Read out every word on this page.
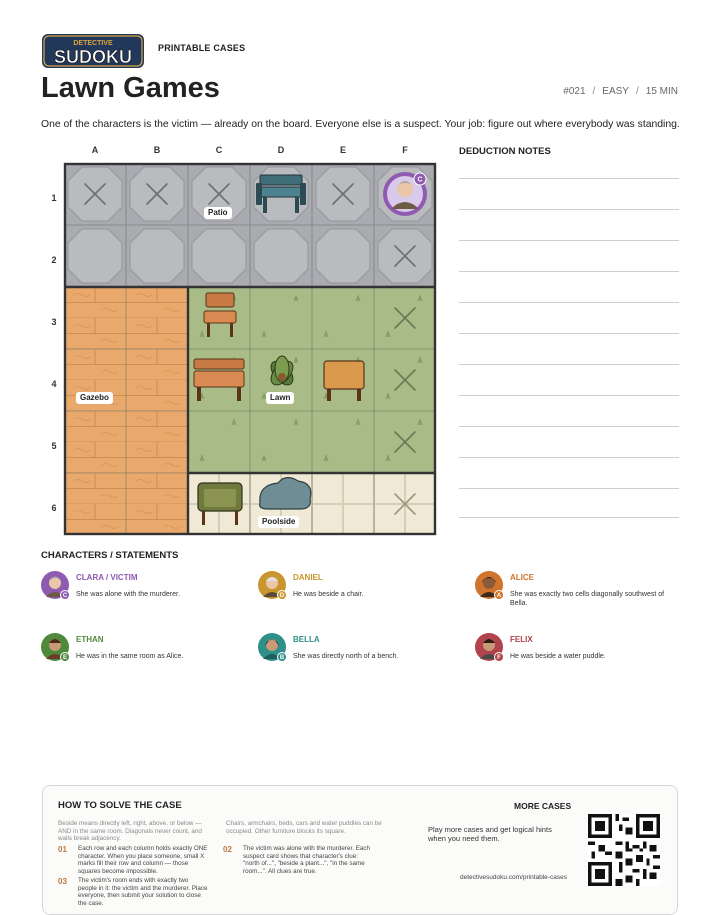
DETECTIVE
SUDOKU	PRINTABLE CASES
Lawn Games	#021 / EASY / 15 MIN
One of the characters is the victim — already on the board. Everyone else is a suspect. Your job: figure out where everybody was standing.
A	B	C	D	E	F
1
2
3
4
5
6
C
Patio
Gazebo	Lawn
Poolside
DEDUCTION NOTES
CHARACTERS / STATEMENTS
C
CLARA / VICTIM
She was alone with the murderer.	D
DANIEL
He was beside a chair.	A
ALICE
She was exactly two cells diagonally southwest of Bella.
E
ETHAN
He was in the same room as Alice.	B
BELLA
She was directly north of a bench.	F
FELIX
He was beside a water puddle.
HOW TO SOLVE THE CASE
Beside means directly left, right, above, or below — AND in the same room. Diagonals never count, and walls break adjacency.
Chairs, armchairs, beds, cars and water puddles can be occupied. Other furniture blocks its square.
01 Each row and each column holds exactly ONE character. When you place someone, small X marks fill their row and column — those squares become impossible.
02 The victim was alone with the murderer. Each suspect card shows that character's clue: "north of...", "beside a plant...", "in the same room...". All clues are true.
03 The victim's room ends with exactly two people in it: the victim and the murderer. Place everyone, then submit your solution to close the case.
MORE CASES
Play more cases and get logical hints when you need them.
detectivesudoku.com/printable-cases
